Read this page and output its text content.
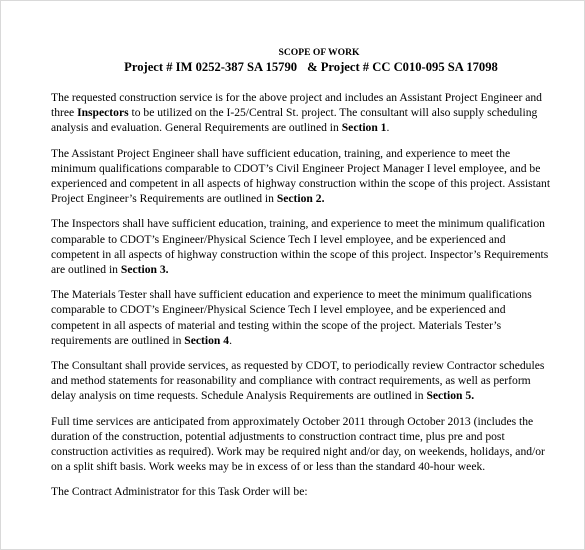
SCOPE OF WORK

Project # IM 0252-387 SA 15790 & Project # CC C010-095 SA 17098

The requested construction service is for the above project and includes an Assistant Project Engineer and three Inspectors to be utilized on the I-25/Central St. project. The consultant will also supply scheduling analysis and evaluation. General Requirements are outlined in Section 1.

The Assistant Project Engineer shall have sufficient education, training, and experience to meet the minimum qualifications comparable to CDOT’s Civil Engineer Project Manager I level employee, and be experienced and competent in all aspects of highway construction within the scope of this project. Assistant Project Engineer’s Requirements are outlined in Section 2.

The Inspectors shall have sufficient education, training, and experience to meet the minimum qualification comparable to CDOT’s Engineer/Physical Science Tech I level employee, and be experienced and competent in all aspects of highway construction within the scope of this project. Inspector’s Requirements are outlined in Section 3.

The Materials Tester shall have sufficient education and experience to meet the minimum qualifications comparable to CDOT’s Engineer/Physical Science Tech I level employee, and be experienced and competent in all aspects of material and testing within the scope of the project. Materials Tester’s requirements are outlined in Section 4.

The Consultant shall provide services, as requested by CDOT, to periodically review Contractor schedules and method statements for reasonability and compliance with contract requirements, as well as perform delay analysis on time requests. Schedule Analysis Requirements are outlined in Section 5.

Full time services are anticipated from approximately October 2011 through October 2013 (includes the duration of the construction, potential adjustments to construction contract time, plus pre and post construction activities as required). Work may be required night and/or day, on weekends, holidays, and/or on a split shift basis. Work weeks may be in excess of or less than the standard 40-hour week.

The Contract Administrator for this Task Order will be:
